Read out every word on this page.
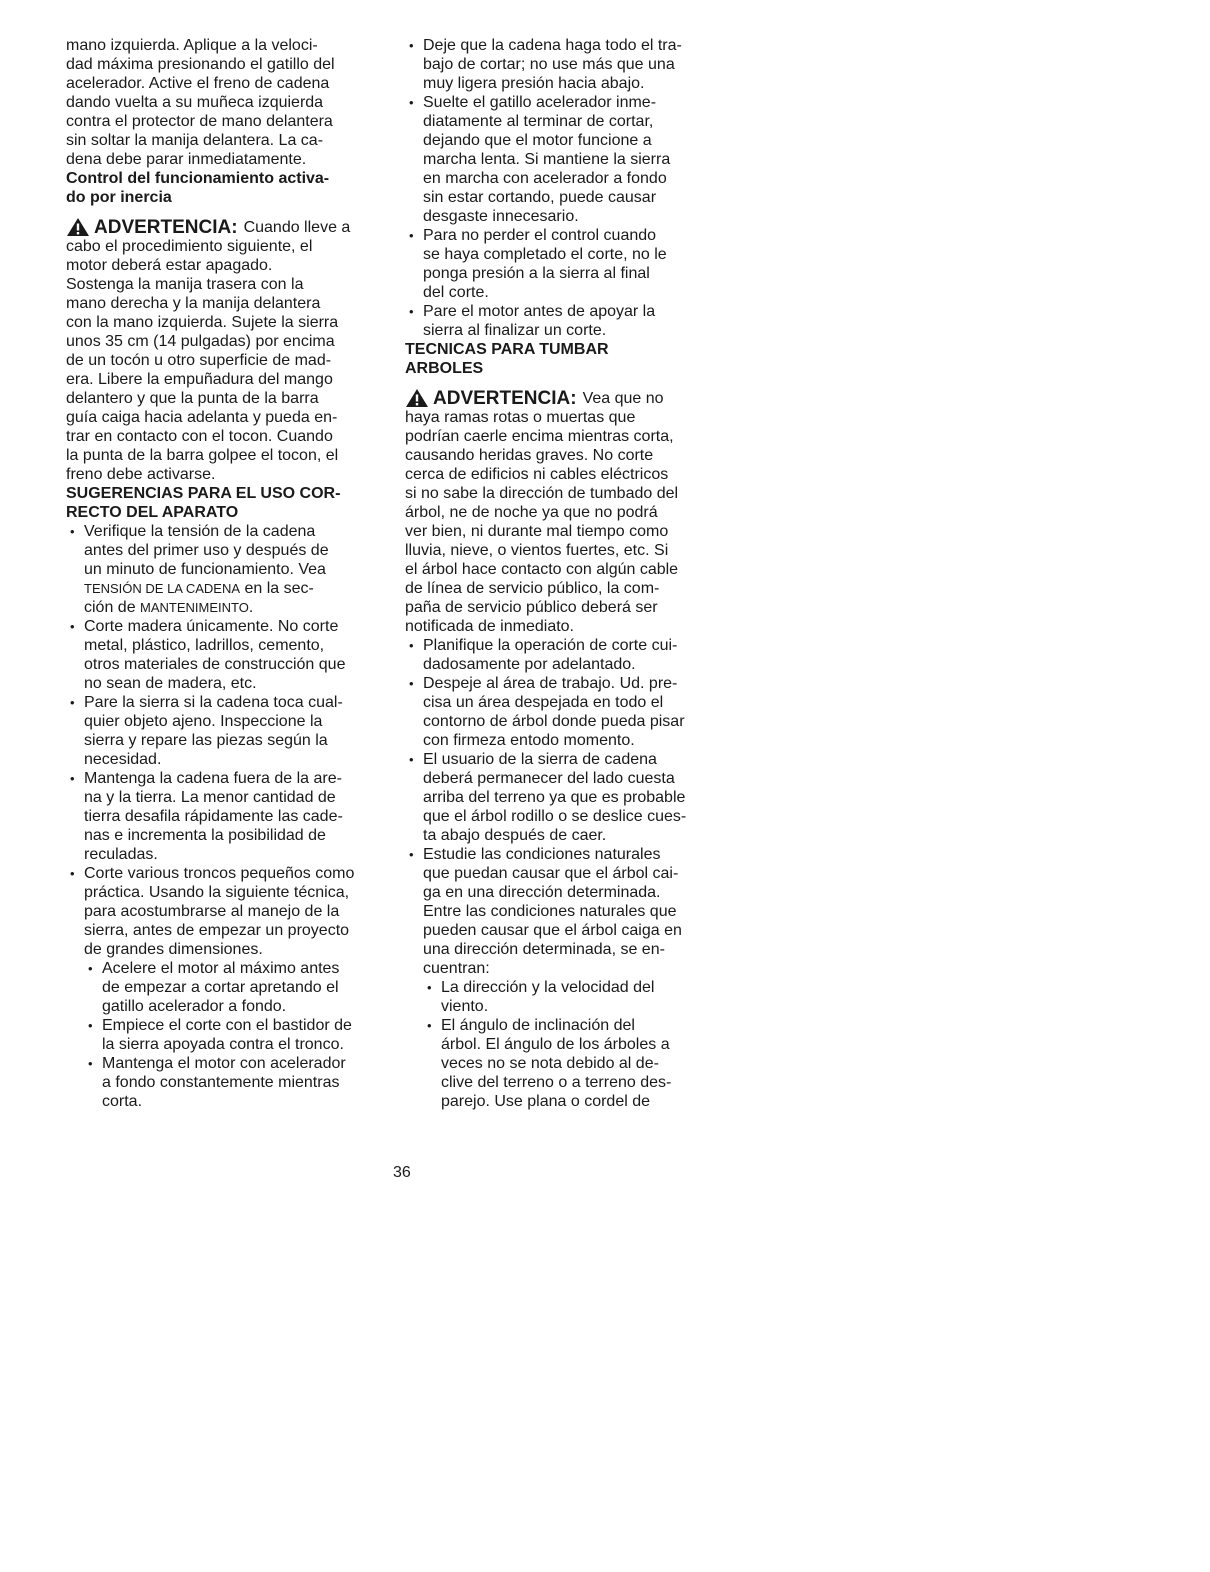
mano izquierda. Aplique a la veloci-
dad máxima presionando el gatillo del
acelerador. Active el freno de cadena
dando vuelta a su muñeca izquierda
contra el protector de mano delantera
sin soltar la manija delantera. La ca-
dena debe parar inmediatamente.
Control del funcionamiento activa-
do por inercia
ADVERTENCIA: Cuando lleve a
cabo el procedimiento siguiente, el
motor deberá estar apagado.
Sostenga la manija trasera con la
mano derecha y la manija delantera
con la mano izquierda. Sujete la sierra
unos 35 cm (14 pulgadas) por encima
de un tocón u otro superficie de mad-
era. Libere la empuñadura del mango
delantero y que la punta de la barra
guía caiga hacia adelanta y pueda en-
trar en contacto con el tocon. Cuando
la punta de la barra golpee el tocon, el
freno debe activarse.
SUGERENCIAS PARA EL USO COR-
RECTO DEL APARATO
• Verifique la tensión de la cadena
antes del primer uso y después de
un minuto de funcionamiento. Vea
TENSIÓN DE LA CADENA en la sec-
ción de MANTENIMEINTO.
• Corte madera únicamente. No corte
metal, plástico, ladrillos, cemento,
otros materiales de construcción que
no sean de madera, etc.
• Pare la sierra si la cadena toca cual-
quier objeto ajeno. Inspeccione la
sierra y repare las piezas según la
necesidad.
• Mantenga la cadena fuera de la are-
na y la tierra. La menor cantidad de
tierra desafila rápidamente las cade-
nas e incrementa la posibilidad de
reculadas.
• Corte various troncos pequeños como
práctica. Usando la siguiente técnica,
para acostumbrarse al manejo de la
sierra, antes de empezar un proyecto
de grandes dimensiones.
• Acelere el motor al máximo antes
de empezar a cortar apretando el
gatillo acelerador a fondo.
• Empiece el corte con el bastidor de
la sierra apoyada contra el tronco.
• Mantenga el motor con acelerador
a fondo constantemente mientras
corta.
• Deje que la cadena haga todo el tra-
bajo de cortar; no use más que una
muy ligera presión hacia abajo.
• Suelte el gatillo acelerador inme-
diatamente al terminar de cortar,
dejando que el motor funcione a
marcha lenta. Si mantiene la sierra
en marcha con acelerador a fondo
sin estar cortando, puede causar
desgaste innecesario.
• Para no perder el control cuando
se haya completado el corte, no le
ponga presión a la sierra al final
del corte.
• Pare el motor antes de apoyar la
sierra al finalizar un corte.
TECNICAS PARA TUMBAR
ARBOLES
ADVERTENCIA: Vea que no
haya ramas rotas o muertas que
podrían caerle encima mientras corta,
causando heridas graves. No corte
cerca de edificios ni cables eléctricos
si no sabe la dirección de tumbado del
árbol, ne de noche ya que no podrá
ver bien, ni durante mal tiempo como
lluvia, nieve, o vientos fuertes, etc. Si
el árbol hace contacto con algún cable
de línea de servicio público, la com-
paña de servicio público deberá ser
notificada de inmediato.
• Planifique la operación de corte cui-
dadosamente por adelantado.
• Despeje al área de trabajo. Ud. pre-
cisa un área despejada en todo el
contorno de árbol donde pueda pisar
con firmeza entodo momento.
• El usuario de la sierra de cadena
deberá permanecer del lado cuesta
arriba del terreno ya que es probable
que el árbol rodillo o se deslice cues-
ta abajo después de caer.
• Estudie las condiciones naturales
que puedan causar que el árbol cai-
ga en una dirección determinada.
Entre las condiciones naturales que
pueden causar que el árbol caiga en
una dirección determinada, se en-
cuentran:
• La dirección y la velocidad del
viento.
• El ángulo de inclinación del
árbol. El ángulo de los árboles a
veces no se nota debido al de-
clive del terreno o a terreno des-
parejo. Use plana o cordel de
36
